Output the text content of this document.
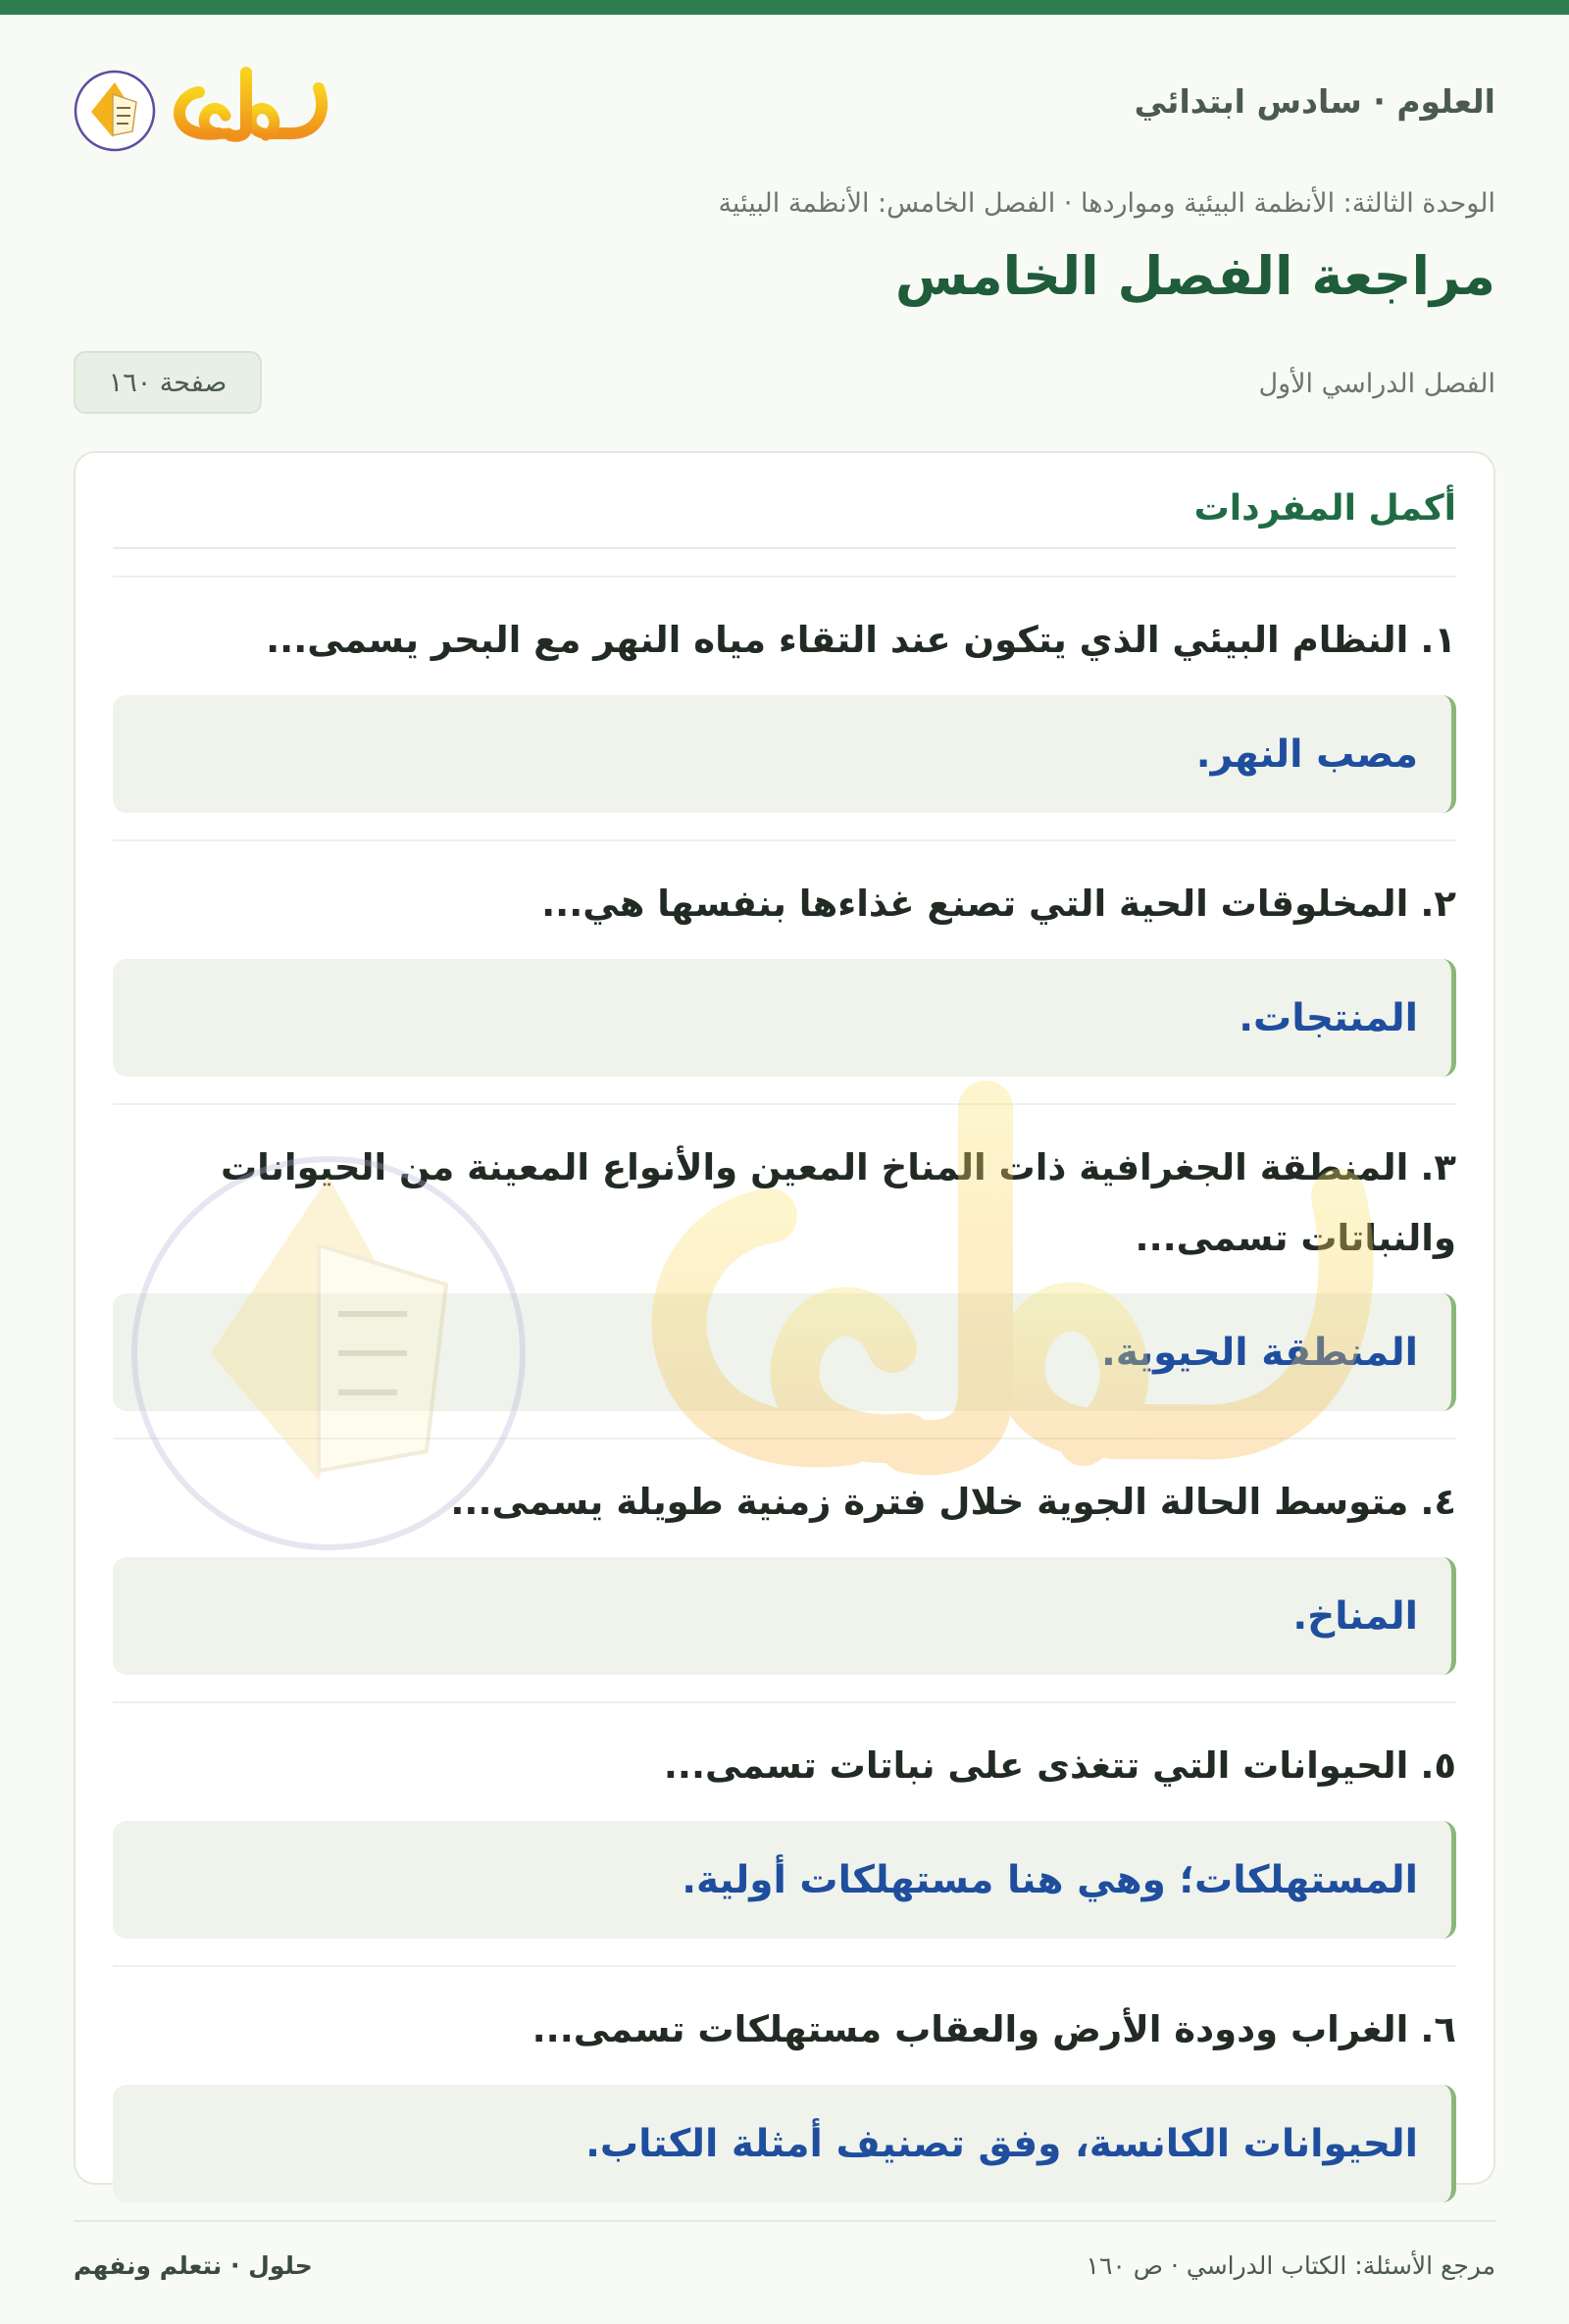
العلوم · سادس ابتدائي
الوحدة الثالثة: الأنظمة البيئية ومواردها · الفصل الخامس: الأنظمة البيئية
مراجعة الفصل الخامس
الفصل الدراسي الأول
صفحة ١٦٠
أكمل المفردات
١.النظام البيئي الذي يتكون عند التقاء مياه النهر مع البحر يسمى...
مصب النهر.
٢.المخلوقات الحية التي تصنع غذاءها بنفسها هي...
المنتجات.
٣.المنطقة الجغرافية ذات المناخ المعين والأنواع المعينة من الحيوانات والنباتات تسمى...
المنطقة الحيوية.
٤.متوسط الحالة الجوية خلال فترة زمنية طويلة يسمى...
المناخ.
٥.الحيوانات التي تتغذى على نباتات تسمى...
المستهلكات؛ وهي هنا مستهلكات أولية.
٦.الغراب ودودة الأرض والعقاب مستهلكات تسمى...
الحيوانات الكانسة، وفق تصنيف أمثلة الكتاب.
مرجع الأسئلة: الكتاب الدراسي · ص ١٦٠
حلول · نتعلم ونفهم
